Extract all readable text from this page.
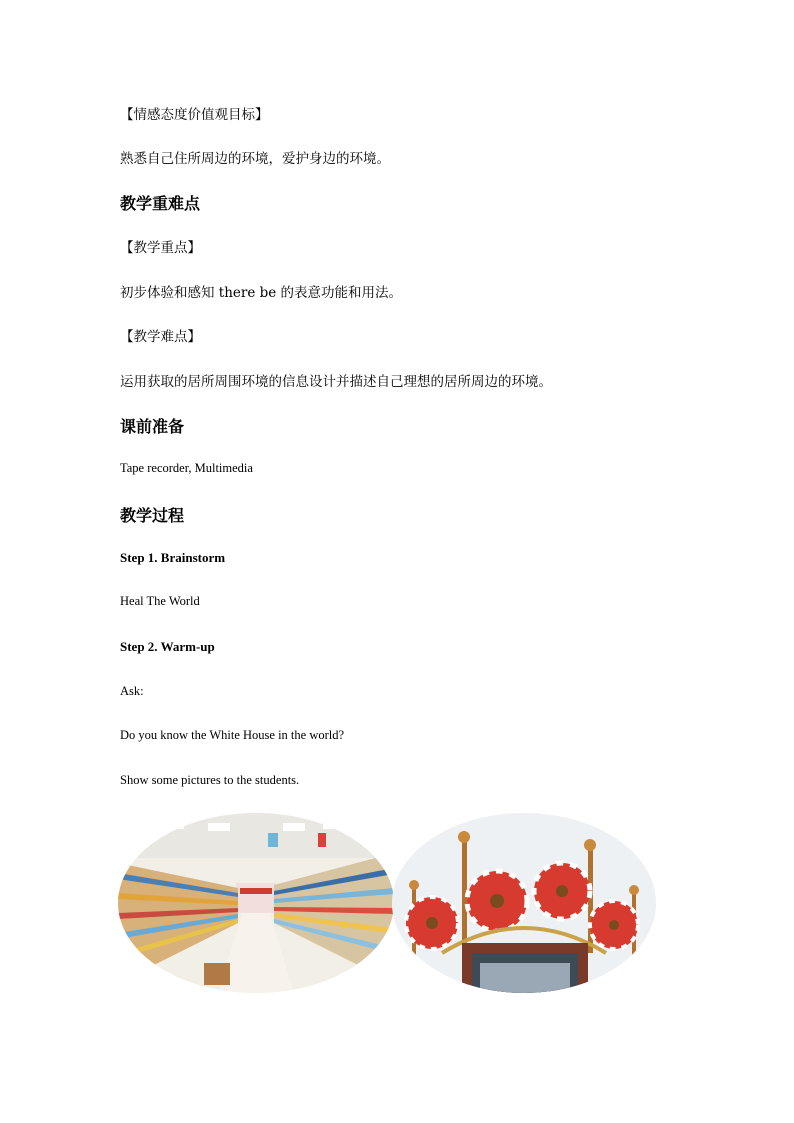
【情感态度价值观目标】
熟悉自己住所周边的环境，爱护身边的环境。
教学重难点
【教学重点】
初步体验和感知 there be 的表意功能和用法。
【教学难点】
运用获取的居所周围环境的信息设计并描述自己理想的居所周边的环境。
课前准备
Tape recorder, Multimedia
教学过程
Step 1. Brainstorm
Heal The World
Step 2. Warm-up
Ask:
Do you know the White House in the world?
Show some pictures to the students.
